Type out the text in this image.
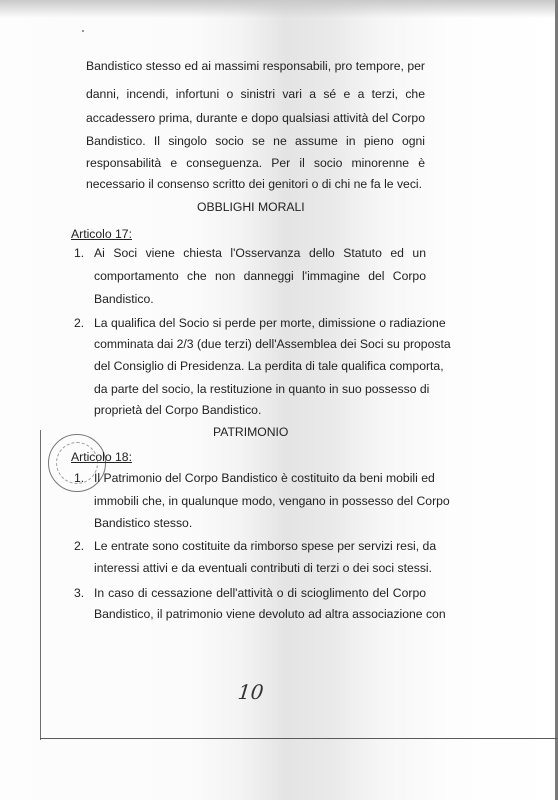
Bandistico stesso ed ai massimi responsabili, pro tempore, per
danni, incendi, infortuni o sinistri vari a sé e a terzi, che
accadessero prima, durante e dopo qualsiasi attività del Corpo
Bandistico. Il singolo socio se ne assume in pieno ogni
responsabilità e conseguenza. Per il socio minorenne è
necessario il consenso scritto dei genitori o di chi ne fa le veci.
OBBLIGHI MORALI
Articolo 17:
1. Ai Soci viene chiesta l'Osservanza dello Statuto ed un
comportamento che non danneggi l'immagine del Corpo
Bandistico.
2. La qualifica del Socio si perde per morte, dimissione o radiazione
comminata dai 2/3 (due terzi) dell'Assemblea dei Soci su proposta
del Consiglio di Presidenza. La perdita di tale qualifica comporta,
da parte del socio, la restituzione in quanto in suo possesso di
proprietà del Corpo Bandistico.
PATRIMONIO
Articolo 18:
1. Il Patrimonio del Corpo Bandistico è costituito da beni mobili ed
immobili che, in qualunque modo, vengano in possesso del Corpo
Bandistico stesso.
2. Le entrate sono costituite da rimborso spese per servizi resi, da
interessi attivi e da eventuali contributi di terzi o dei soci stessi.
3. In caso di cessazione dell'attività o di scioglimento del Corpo
Bandistico, il patrimonio viene devoluto ad altra associazione con
10
